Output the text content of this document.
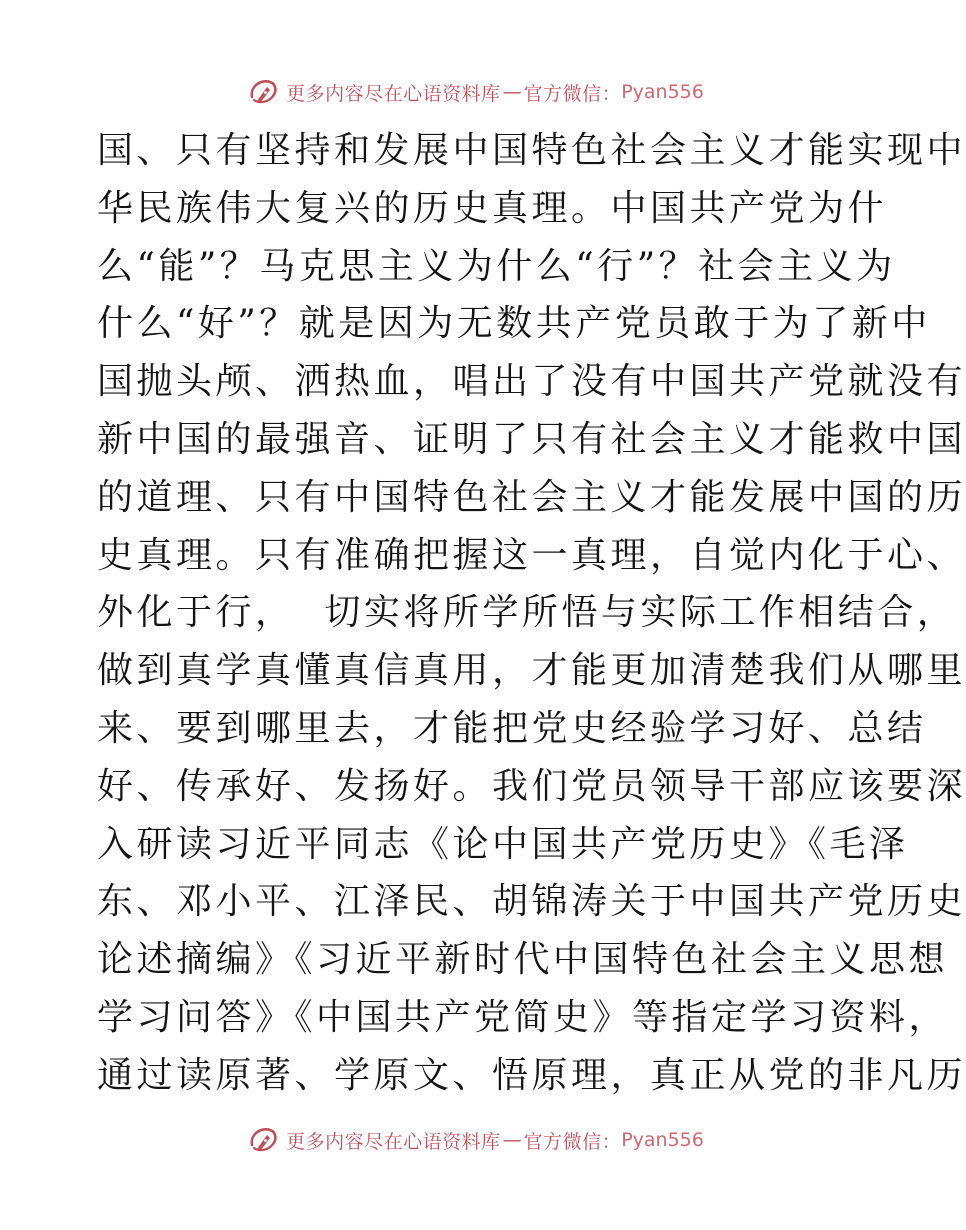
更多内容尽在心语资料库 — 官方微信： Pyan556
国、只有坚持和发展中国特色社会主义才能实现中
华民族伟大复兴的历史真理。中国共产党为什
么“能”？马克思主义为什么“行”？社会主义为
什么“好”？就是因为无数共产党员敢于为了新中
国抛头颅、洒热血，唱出了没有中国共产党就没有
新中国的最强音、证明了只有社会主义才能救中国
的道理、只有中国特色社会主义才能发展中国的历
史真理。只有准确把握这一真理，自觉内化于心、
外化于行，  切实将所学所悟与实际工作相结合，
做到真学真懂真信真用，才能更加清楚我们从哪里
来、要到哪里去，才能把党史经验学习好、总结
好、传承好、发扬好。我们党员领导干部应该要深
入研读习近平同志《论中国共产党历史》《毛泽
东、邓小平、江泽民、胡锦涛关于中国共产党历史
论述摘编》《习近平新时代中国特色社会主义思想
学习问答》《中国共产党简史》等指定学习资料，
通过读原著、学原文、悟原理，真正从党的非凡历
更多内容尽在心语资料库 — 官方微信： Pyan556
